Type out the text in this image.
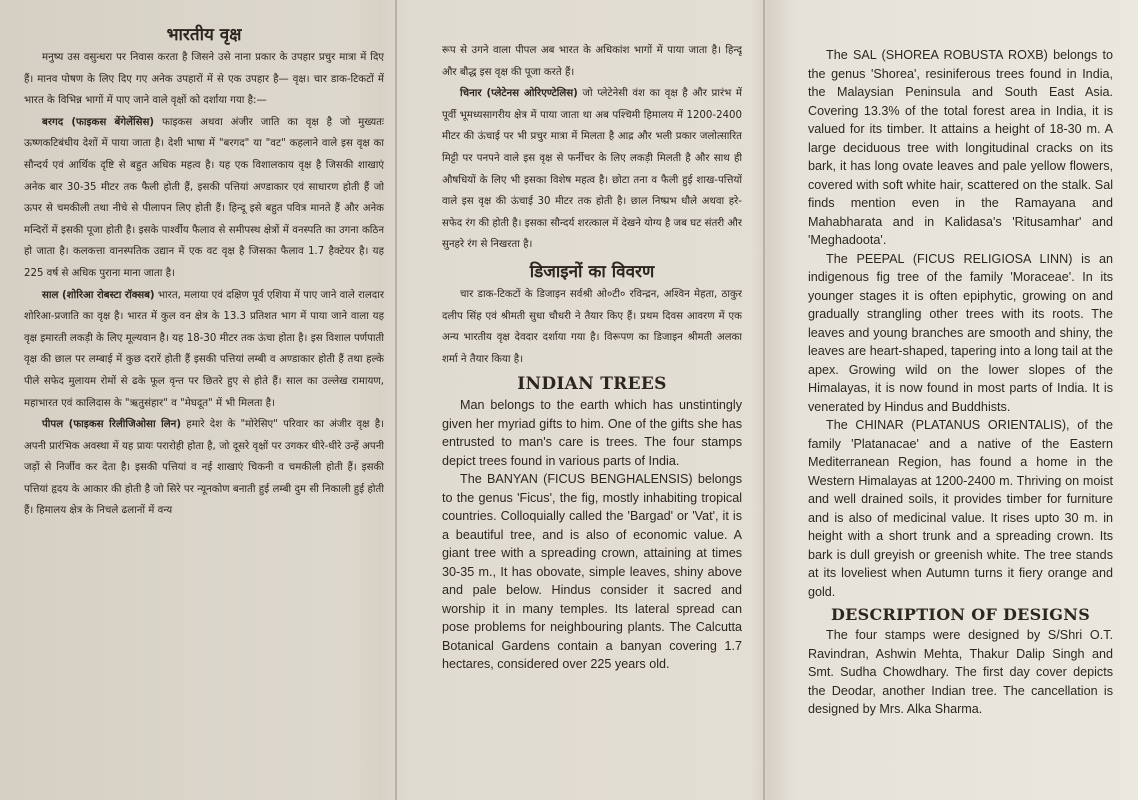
भारतीय वृक्ष

मनुष्य उस वसुन्धरा पर निवास करता है जिसने उसे नाना प्रकार के उपहार प्रचुर मात्रा में दिए हैं। मानव पोषण के लिए दिए गए अनेक उपहारों में से एक उपहार है— वृक्ष। चार डाक-टिकटों में भारत के विभिन्न भागों में पाए जाने वाले वृक्षों को दर्शाया गया है:—

बरगद (फाइकस बेंगेलेंसिस) फाइकस अथवा अंजीर जाति का वृक्ष है जो मुख्यतः ऊष्णकटिबंधीय देशों में पाया जाता है। देशी भाषा में "बरगद" या "वट" कहलाने वाले इस वृक्ष का सौन्दर्य एवं आर्थिक दृष्टि से बहुत अधिक महत्व है। यह एक विशालकाय वृक्ष है जिसकी शाखाएं अनेक बार 30-35 मीटर तक फैली होती हैं, इसकी पत्तियां अण्डाकार एवं साधारण होती हैं जो ऊपर से चमकीली तथा नीचे से पीलापन लिए होती हैं। हिन्दू इसे बहुत पवित्र मानते हैं और अनेक मन्दिरों में इसकी पूजा होती है। इसके पार्श्वीय फैलाव से समीपस्थ क्षेत्रों में वनस्पति का उगना कठिन हो जाता है। कलकत्ता वानस्पतिक उद्यान में एक वट वृक्ष है जिसका फैलाव 1.7 हैक्टेयर है। यह 225 वर्ष से अधिक पुराना माना जाता है।

साल (शोरिआ रोबस्टा रॉक्सब) भारत, मलाया एवं दक्षिण पूर्व एशिया में पाए जाने वाले रालदार शोरिआ-प्रजाति का वृक्ष है। भारत में कुल वन क्षेत्र के 13.3 प्रतिशत भाग में पाया जाने वाला यह वृक्ष इमारती लकड़ी के लिए मूल्यवान है। यह 18-30 मीटर तक ऊंचा होता है। इस विशाल पर्णपाती वृक्ष की छाल पर लम्बाई में कुछ दरारें होती हैं इसकी पत्तियां लम्बी व अण्डाकार होती हैं तथा हल्के पीले सफेद मुलायम रोमों से ढके फूल वृन्त पर छितरे हुए से होते हैं। साल का उल्लेख रामायण, महाभारत एवं कालिदास के "ऋतुसंहार" व "मेघदूत" में भी मिलता है।

पीपल (फाइकस रिलीजिओसा लिन) हमारे देश के "मोरेसिए" परिवार का अंजीर वृक्ष है। अपनी प्रारंभिक अवस्था में यह प्रायः परारोही होता है, जो दूसरे वृक्षों पर उगकर धीरे-धीरे उन्हें अपनी जड़ों से निर्जीव कर देता है। इसकी पत्तियां व नई शाखाएं चिकनी व चमकीली होती हैं। इसकी पत्तियां हृदय के आकार की होती है जो सिरे पर न्यूनकोण बनाती हुई लम्बी दुम सी निकाली हुई होती हैं। हिमालय क्षेत्र के निचले ढलानों में वन्य

रूप से उगने वाला पीपल अब भारत के अधिकांश भागों में पाया जाता है। हिन्दू और बौद्ध इस वृक्ष की पूजा करते हैं।

चिनार (प्लेटेनस ओरिएण्टेलिस) जो प्लेटेनेसी वंश का वृक्ष है और प्रारंभ में पूर्वी भूमध्यसागरीय क्षेत्र में पाया जाता था अब पश्चिमी हिमालय में 1200-2400 मीटर की ऊंचाई पर भी प्रचुर मात्रा में मिलता है आद्र और भली प्रकार जलोत्सारित मिट्टी पर पनपने वाले इस वृक्ष से फर्नीचर के लिए लकड़ी मिलती है और साथ ही औषधियों के लिए भी इसका विशेष महत्व है। छोटा तना व फैली हुई शाख-पत्तियों वाले इस वृक्ष की ऊंचाई 30 मीटर तक होती है। छाल निष्प्रभ धौले अथवा हरे-सफेद रंग की होती है। इसका सौन्दर्य शरत्काल में देखने योग्य है जब घट संतरी और सुनहरे रंग से निखरता है।

डिजाइनों का विवरण

चार डाक-टिकटों के डिजाइन सर्वश्री ओ०टी० रविन्द्रन, अश्विन मेहता, ठाकुर दलीप सिंह एवं श्रीमती सुधा चौधरी ने तैयार किए हैं। प्रथम दिवस आवरण में एक अन्य भारतीय वृक्ष देवदार दर्शाया गया है। विरूपण का डिजाइन श्रीमती अलका शर्मा ने तैयार किया है।

INDIAN TREES

Man belongs to the earth which has unstintingly given her myriad gifts to him. One of the gifts she has entrusted to man's care is trees. The four stamps depict trees found in various parts of India.

The BANYAN (FICUS BENGHALENSIS) belongs to the genus 'Ficus', the fig, mostly inhabiting tropical countries. Colloquially called the 'Bargad' or 'Vat', it is a beautiful tree, and is also of economic value. A giant tree with a spreading crown, attaining at times 30-35 m., It has obovate, simple leaves, shiny above and pale below. Hindus consider it sacred and worship it in many temples. Its lateral spread can pose problems for neighbouring plants. The Calcutta Botanical Gardens contain a banyan covering 1.7 hectares, considered over 225 years old.

The SAL (SHOREA ROBUSTA ROXB) belongs to the genus 'Shorea', resiniferous trees found in India, the Malaysian Peninsula and South East Asia. Covering 13.3% of the total forest area in India, it is valued for its timber. It attains a height of 18-30 m. A large deciduous tree with longitudinal cracks on its bark, it has long ovate leaves and pale yellow flowers, covered with soft white hair, scattered on the stalk. Sal finds mention even in the Ramayana and Mahabharata and in Kalidasa's 'Ritusamhar' and 'Meghadoota'.

The PEEPAL (FICUS RELIGIOSA LINN) is an indigenous fig tree of the family 'Moraceae'. In its younger stages it is often epiphytic, growing on and gradually strangling other trees with its roots. The leaves and young branches are smooth and shiny, the leaves are heart-shaped, tapering into a long tail at the apex. Growing wild on the lower slopes of the Himalayas, it is now found in most parts of India. It is venerated by Hindus and Buddhists.

The CHINAR (PLATANUS ORIENTALIS), of the family 'Platanacae' and a native of the Eastern Mediterranean Region, has found a home in the Western Himalayas at 1200-2400 m. Thriving on moist and well drained soils, it provides timber for furniture and is also of medicinal value. It rises upto 30 m. in height with a short trunk and a spreading crown. Its bark is dull greyish or greenish white. The tree stands at its loveliest when Autumn turns it fiery orange and gold.

DESCRIPTION OF DESIGNS

The four stamps were designed by S/Shri O.T. Ravindran, Ashwin Mehta, Thakur Dalip Singh and Smt. Sudha Chowdhary. The first day cover depicts the Deodar, another Indian tree. The cancellation is designed by Mrs. Alka Sharma.
